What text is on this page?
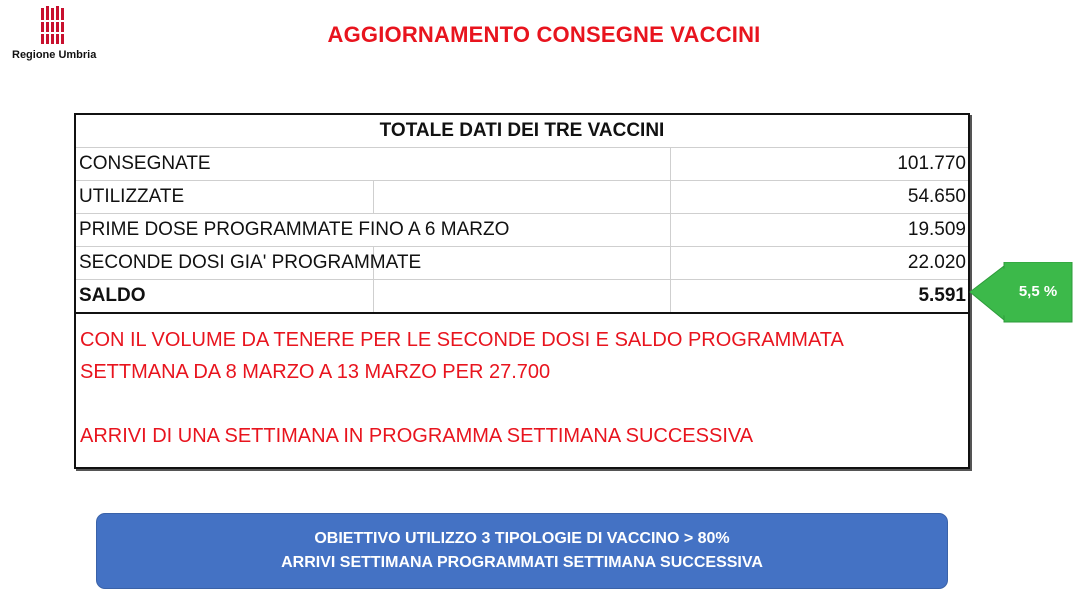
Regione Umbria
AGGIORNAMENTO CONSEGNE VACCINI
TOTALE DATI DEI TRE VACCINI		
CONSEGNATE		101.770
UTILIZZATE		54.650
PRIME DOSE PROGRAMMATE FINO A 6 MARZO		19.509
SECONDE DOSI GIA' PROGRAMMATE		22.020
SALDO		5.591
CON IL VOLUME DA TENERE PER LE SECONDE DOSI E SALDO PROGRAMMATA
SETTMANA DA 8 MARZO A 13 MARZO PER 27.700
ARRIVI DI UNA SETTIMANA IN PROGRAMMA SETTIMANA SUCCESSIVA
5,5 %
OBIETTIVO UTILIZZO 3 TIPOLOGIE DI VACCINO > 80%
ARRIVI SETTIMANA PROGRAMMATI SETTIMANA SUCCESSIVA
